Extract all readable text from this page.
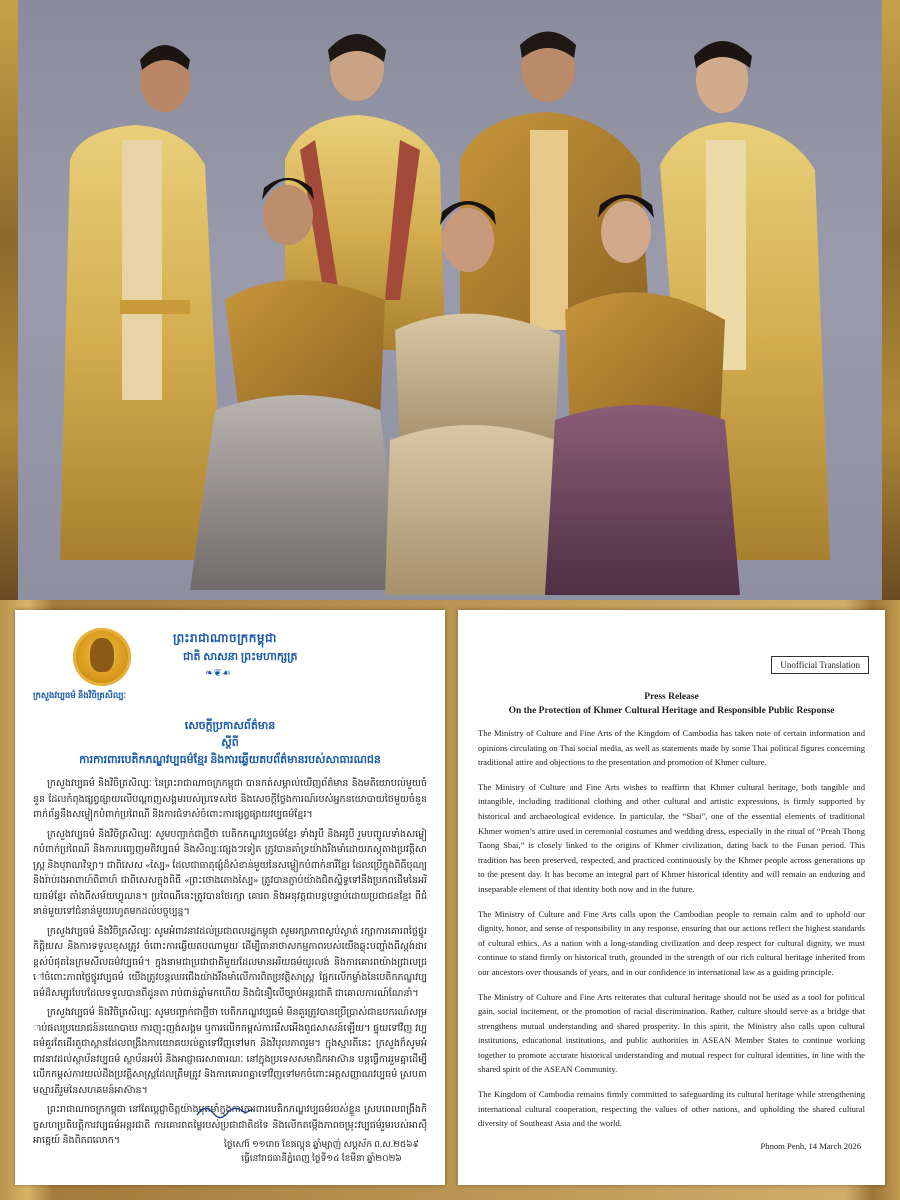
ក្រសួងវប្បធម៌ និងវិចិត្រសិល្បៈ
ព្រះរាជាណាចក្រកម្ពុជា
ជាតិ សាសនា ព្រះមហាក្សត្រ
❧❦☙
សេចក្តីប្រកាសព័ត៌មាន
ស្តីពី
ការការពារបេតិកភណ្ឌវប្បធម៌ខ្មែរ និងការឆ្លើយតបព័ត៌មានរបស់សាធារណជន

ក្រសួងវប្បធម៌ និងវិចិត្រសិល្បៈ នៃព្រះរាជាណាចក្រកម្ពុជា បានកត់សម្គាល់ឃើញព័ត៌មាន និងមតិយោបល់មួយចំនួន ដែលកំពុងផ្សព្វផ្សាយលើបណ្តាញសង្គមរបស់ប្រទេសថៃ និងសេចក្តីថ្លែងការណ៍របស់អ្នកនយោបាយថៃមួយចំនួន ពាក់ព័ន្ធនឹងសម្លៀកបំពាក់ប្រពៃណី និងការជំទាស់ចំពោះការផ្សព្វផ្សាយវប្បធម៌ខ្មែរ។

ក្រសួងវប្បធម៌ និងវិចិត្រសិល្បៈ សូមបញ្ជាក់ជាថ្មីថា បេតិកភណ្ឌវប្បធម៌ខ្មែរ ទាំងរូបី និងអរូបី រួមបញ្ចូលទាំងសម្លៀកបំពាក់ប្រពៃណី និងការបញ្ចេញមតិវប្បធម៌ និងសិល្បៈផ្សេងៗទៀត ត្រូវបានគាំទ្រយ៉ាងរឹងមាំដោយភស្តុតាងប្រវត្តិសាស្ត្រ និងបុរាណវិទ្យា។ ជាពិសេស «ស្បៃ» ដែលជាធាតុផ្សំដ៏សំខាន់មួយនៃសម្លៀកបំពាក់នារីខ្មែរ ដែលប្រើក្នុងពិធីបុណ្យ និងរ៉ាប់រងអាពាហ៍ពិពាហ៍ ជាពិសេសក្នុងពិធី «ព្រះថោងតោងស្បៃ» ត្រូវបានភ្ជាប់យ៉ាងជិតស្និទ្ធទៅនឹងប្រភពដើមនៃអរិយធម៌ខ្មែរ តាំងពីសម័យហ្វូណន។ ប្រពៃណីនេះត្រូវបានថែរក្សា គោរព និងអនុវត្តជាបន្តបន្ទាប់ដោយប្រជាជនខ្មែរ ពីជំនាន់មួយទៅជំនាន់មួយរហូតមកដល់បច្ចុប្បន្ន។

ក្រសួងវប្បធម៌ និងវិចិត្រសិល្បៈ សូមអំពាវនាវដល់ប្រជាពលរដ្ឋកម្ពុជា សូមរក្សាភាពស្ងប់ស្ងាត់ រក្សាការគោរពថ្លៃថ្នូរ កិត្តិយស និងការទទួលខុសត្រូវ ចំពោះការឆ្លើយតបណាមួយ ដើម្បីធានាថាសកម្មភាពរបស់យើងឆ្លុះបញ្ចាំងពីស្តង់ដារខ្ពស់បំផុតនៃក្រមសីលធម៌វប្បធម៌។ ក្នុងនាមជាប្រជាជាតិមួយដែលមានអរិយធម៌យូរលង់ និងការគោរពយ៉ាងជ្រាលជ្រៅចំពោះភាពថ្លៃថ្នូរវប្បធម៌ យើងត្រូវបន្តឈរជើងយ៉ាងរឹងមាំលើការពិតប្រវត្តិសាស្ត្រ ផ្អែកលើកម្លាំងនៃបេតិកភណ្ឌវប្បធម៌ដ៏សម្បូរបែបដែលទទួលបានពីដូនតា រាប់ពាន់ឆ្នាំមកហើយ និងជំនឿលើច្បាប់អន្តរជាតិ ជាគោលការណ៍ណែនាំ។

ក្រសួងវប្បធម៌ និងវិចិត្រសិល្បៈ សូមបញ្ជាក់ជាថ្មីថា បេតិកភណ្ឌវប្បធម៌ មិនគួរត្រូវបានប្រើប្រាស់ជាឧបករណ៍សម្រាប់ផលប្រយោជន៍នយោបាយ ការញុះញង់សង្គម ឬការលើកកម្ពស់ការរើសអើងពូជសាសន៍ឡើយ។ ផ្ទុយទៅវិញ វប្បធម៌គួរតែដើរតួជាស្ពានដែលពង្រឹងការយោគយល់គ្នាទៅវិញទៅមក និងវិបុលភាពរួម។ ក្នុងស្មារតីនេះ ក្រសួងក៏សូមអំពាវនាវដល់ស្ថាប័នវប្បធម៌ ស្ថាប័នអប់រំ និងអាជ្ញាធរសាធារណៈ នៅក្នុងប្រទេសសមាជិកអាស៊ាន បន្តធ្វើការរួមគ្នាដើម្បីលើកកម្ពស់ការយល់ដឹងប្រវត្តិសាស្ត្រដែលត្រឹមត្រូវ និងការគោរពគ្នាទៅវិញទៅមកចំពោះអត្តសញ្ញាណវប្បធម៌ ស្របតាមស្មារតីរួមនៃសហគមន៍អាស៊ាន។

ព្រះរាជាណាចក្រកម្ពុជា នៅតែប្តេជ្ញាចិត្តយ៉ាងមុតមាំក្នុងការការពារបេតិកភណ្ឌវប្បធម៌របស់ខ្លួន ស្របពេលពង្រឹងកិច្ចសហប្រតិបត្តិការវប្បធម៌អន្តរជាតិ ការគោរពតម្លៃរបស់ប្រជាជាតិដទៃ និងលើកតម្កើងភាពចម្រុះវប្បធម៌រួមរបស់អាស៊ីអាគ្នេយ៍ និងពិភពលោក។	ថ្ងៃសៅរ៍ ១១រោច ខែផល្គុន ឆ្នាំម្សាញ់ សប្តស័ក ព.ស.២៥៦៩
ធ្វើនៅរាជធានីភ្នំពេញ ថ្ងៃទី១៤ ខែមីនា ឆ្នាំ២០២៦
Unofficial Translation
Press Release
On the Protection of Khmer Cultural Heritage and Responsible Public Response

The Ministry of Culture and Fine Arts of the Kingdom of Cambodia has taken note of certain information and opinions circulating on Thai social media, as well as statements made by some Thai political figures concerning traditional attire and objections to the presentation and promotion of Khmer culture.

The Ministry of Culture and Fine Arts wishes to reaffirm that Khmer cultural heritage, both tangible and intangible, including traditional clothing and other cultural and artistic expressions, is firmly supported by historical and archaeological evidence. In particular, the “Sbai”, one of the essential elements of traditional Khmer women’s attire used in ceremonial costumes and wedding dress, especially in the ritual of “Preah Thong Taong Sbai,” is closely linked to the origins of Khmer civilization, dating back to the Funan period. This tradition has been preserved, respected, and practiced continuously by the Khmer people across generations up to the present day. It has become an integral part of Khmer historical identity and will remain an enduring and inseparable element of that identity both now and in the future.

The Ministry of Culture and Fine Arts calls upon the Cambodian people to remain calm and to uphold our dignity, honor, and sense of responsibility in any response, ensuring that our actions reflect the highest standards of cultural ethics. As a nation with a long-standing civilization and deep respect for cultural dignity, we must continue to stand firmly on historical truth, grounded in the strength of our rich cultural heritage inherited from our ancestors over thousands of years, and in our confidence in international law as a guiding principle.

The Ministry of Culture and Fine Arts reiterates that cultural heritage should not be used as a tool for political gain, social incitement, or the promotion of racial discrimination. Rather, culture should serve as a bridge that strengthens mutual understanding and shared prosperity. In this spirit, the Ministry also calls upon cultural institutions, educational institutions, and public authorities in ASEAN Member States to continue working together to promote accurate historical understanding and mutual respect for cultural identities, in line with the shared spirit of the ASEAN Community.

The Kingdom of Cambodia remains firmly committed to safeguarding its cultural heritage while strengthening international cultural cooperation, respecting the values of other nations, and upholding the shared cultural diversity of Southeast Asia and the world.

Phnom Penh, 14 March 2026
